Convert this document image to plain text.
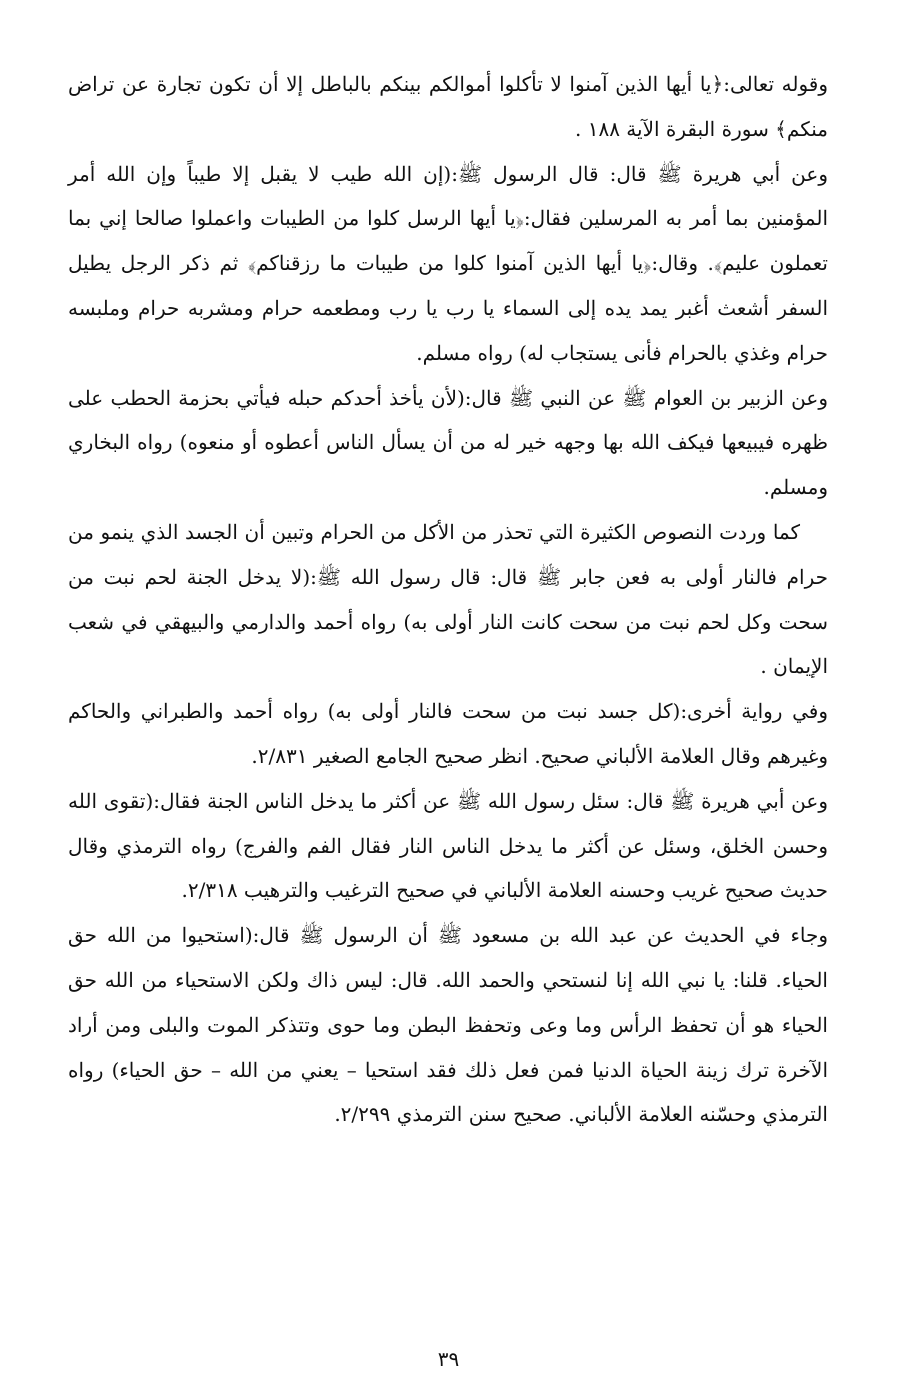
وقوله تعالى:﴿يا أيها الذين آمنوا لا تأكلوا أموالكم بينكم بالباطل إلا أن تكون تجارة عن تراض منكم﴾ سورة البقرة الآية ١٨٨ .

وعن أبي هريرة ﷺ قال: قال الرسول ﷺ:(إن الله طيب لا يقبل إلا طيباً وإن الله أمر المؤمنين بما أمر به المرسلين فقال:﴿يا أيها الرسل كلوا من الطيبات واعملوا صالحا إني بما تعملون عليم﴾. وقال:﴿يا أيها الذين آمنوا كلوا من طيبات ما رزقناكم﴾ ثم ذكر الرجل يطيل السفر أشعث أغبر يمد يده إلى السماء يا رب يا رب ومطعمه حرام ومشربه حرام وملبسه حرام وغذي بالحرام فأنى يستجاب له) رواه مسلم.

وعن الزبير بن العوام ﷺ عن النبي ﷺ قال:(لأن يأخذ أحدكم حبله فيأتي بحزمة الحطب على ظهره فيبيعها فيكف الله بها وجهه خير له من أن يسأل الناس أعطوه أو منعوه) رواه البخاري ومسلم.

كما وردت النصوص الكثيرة التي تحذر من الأكل من الحرام وتبين أن الجسد الذي ينمو من حرام فالنار أولى به فعن جابر ﷺ قال: قال رسول الله ﷺ:(لا يدخل الجنة لحم نبت من سحت وكل لحم نبت من سحت كانت النار أولى به) رواه أحمد والدارمي والبيهقي في شعب الإيمان .

وفي رواية أخرى:(كل جسد نبت من سحت فالنار أولى به) رواه أحمد والطبراني والحاكم وغيرهم وقال العلامة الألباني صحيح. انظر صحيح الجامع الصغير ٢/٨٣١.

وعن أبي هريرة ﷺ قال: سئل رسول الله ﷺ عن أكثر ما يدخل الناس الجنة فقال:(تقوى الله وحسن الخلق، وسئل عن أكثر ما يدخل الناس النار فقال الفم والفرج) رواه الترمذي وقال حديث صحيح غريب وحسنه العلامة الألباني في صحيح الترغيب والترهيب ٢/٣١٨.

وجاء في الحديث عن عبد الله بن مسعود ﷺ أن الرسول ﷺ قال:(استحيوا من الله حق الحياء. قلنا: يا نبي الله إنا لنستحي والحمد الله. قال: ليس ذاك ولكن الاستحياء من الله حق الحياء هو أن تحفظ الرأس وما وعى وتحفظ البطن وما حوى وتتذكر الموت والبلى ومن أراد الآخرة ترك زينة الحياة الدنيا فمن فعل ذلك فقد استحيا – يعني من الله – حق الحياء) رواه الترمذي وحسّنه العلامة الألباني. صحيح سنن الترمذي ٢/٢٩٩.

٣٩
